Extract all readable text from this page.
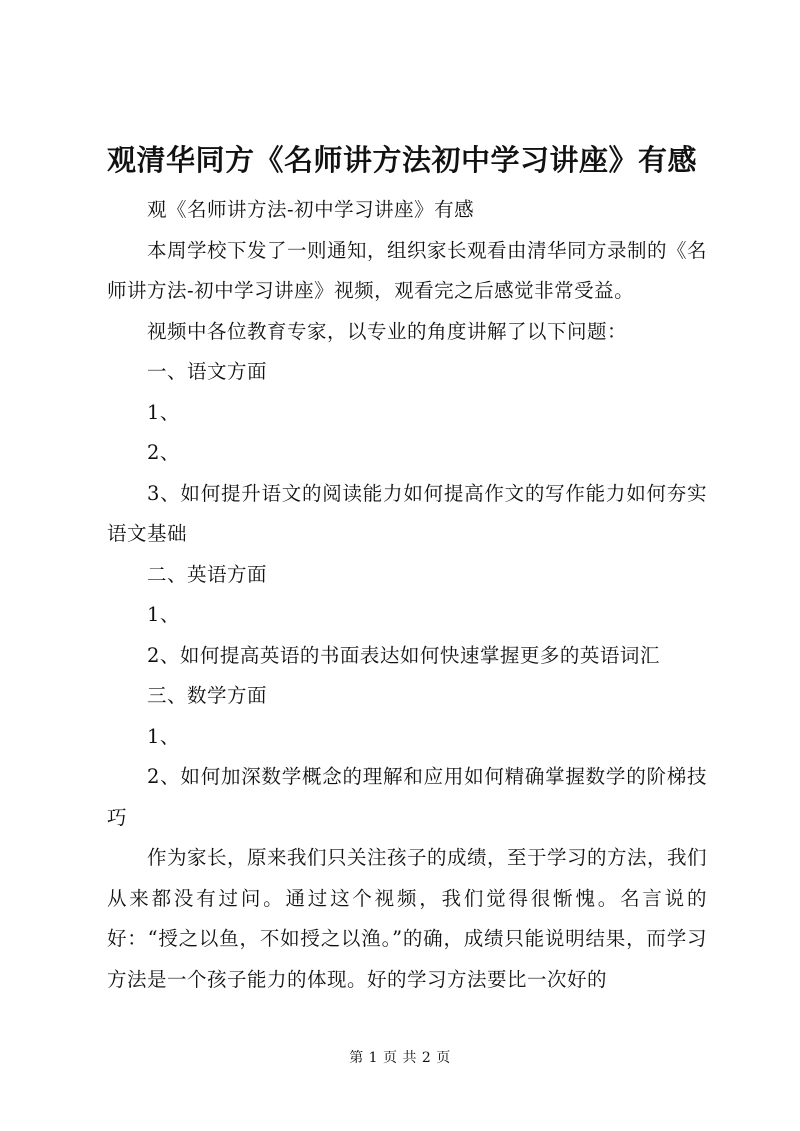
观清华同方《名师讲方法初中学习讲座》有感

观《名师讲方法-初中学习讲座》有感

本周学校下发了一则通知，组织家长观看由清华同方录制的《名师讲方法-初中学习讲座》视频，观看完之后感觉非常受益。

视频中各位教育专家，以专业的角度讲解了以下问题：

一、语文方面

1、

2、

3、如何提升语文的阅读能力如何提高作文的写作能力如何夯实语文基础

二、英语方面

1、

2、如何提高英语的书面表达如何快速掌握更多的英语词汇

三、数学方面

1、

2、如何加深数学概念的理解和应用如何精确掌握数学的阶梯技巧

作为家长，原来我们只关注孩子的成绩，至于学习的方法，我们从来都没有过问。通过这个视频，我们觉得很惭愧。名言说的好：“授之以鱼，不如授之以渔。”的确，成绩只能说明结果，而学习方法是一个孩子能力的体现。好的学习方法要比一次好的

第 1 页 共 2 页
